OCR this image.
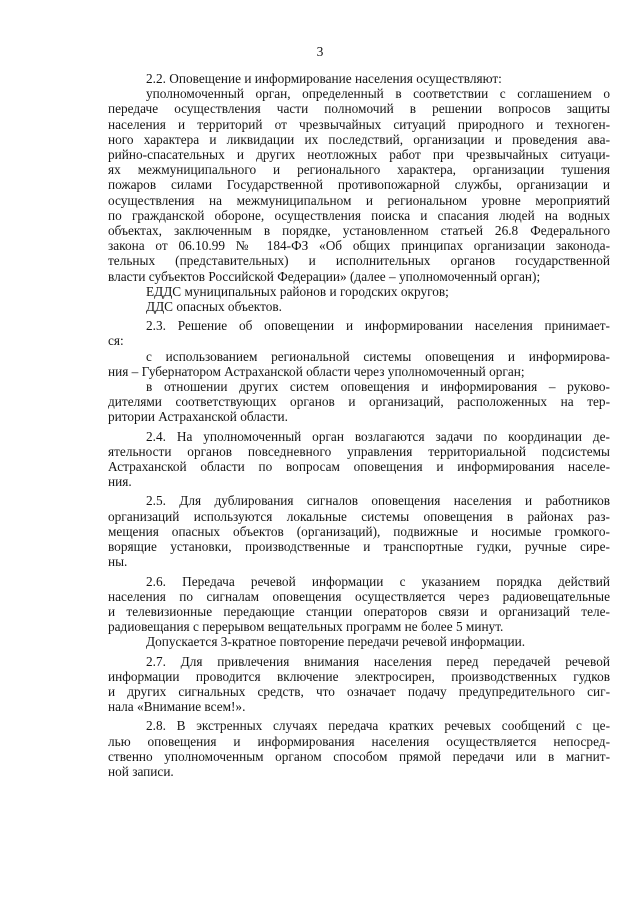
3
2.2. Оповещение и информирование населения осуществляют:
уполномоченный орган, определенный в соответствии с соглашением о
передаче осуществления части полномочий в решении вопросов защиты
населения и территорий от чрезвычайных ситуаций природного и техноген-
ного характера и ликвидации их последствий, организации и проведения ава-
рийно-спасательных и других неотложных работ при чрезвычайных ситуаци-
ях межмуниципального и регионального характера, организации тушения
пожаров силами Государственной противопожарной службы, организации и
осуществления на межмуниципальном и региональном уровне мероприятий
по гражданской обороне, осуществления поиска и спасания людей на водных
объектах, заключенным в порядке, установленном статьей 26.8 Федерального
закона от 06.10.99 № 184-ФЗ «Об общих принципах организации законода-
тельных (представительных) и исполнительных органов государственной
власти субъектов Российской Федерации» (далее – уполномоченный орган);
ЕДДС муниципальных районов и городских округов;
ДДС опасных объектов.
2.3. Решение об оповещении и информировании населения принимает-
ся:
с использованием региональной системы оповещения и информирова-
ния – Губернатором Астраханской области через уполномоченный орган;
в отношении других систем оповещения и информирования – руково-
дителями соответствующих органов и организаций, расположенных на тер-
ритории Астраханской области.
2.4. На уполномоченный орган возлагаются задачи по координации де-
ятельности органов повседневного управления территориальной подсистемы
Астраханской области по вопросам оповещения и информирования населе-
ния.
2.5. Для дублирования сигналов оповещения населения и работников
организаций используются локальные системы оповещения в районах раз-
мещения опасных объектов (организаций), подвижные и носимые громкого-
ворящие установки, производственные и транспортные гудки, ручные сире-
ны.
2.6. Передача речевой информации с указанием порядка действий
населения по сигналам оповещения осуществляется через радиовещательные
и телевизионные передающие станции операторов связи и организаций теле-
радиовещания с перерывом вещательных программ не более 5 минут.
Допускается 3-кратное повторение передачи речевой информации.
2.7. Для привлечения внимания населения перед передачей речевой
информации проводится включение электросирен, производственных гудков
и других сигнальных средств, что означает подачу предупредительного сиг-
нала «Внимание всем!».
2.8. В экстренных случаях передача кратких речевых сообщений с це-
лью оповещения и информирования населения осуществляется непосред-
ственно уполномоченным органом способом прямой передачи или в магнит-
ной записи.
